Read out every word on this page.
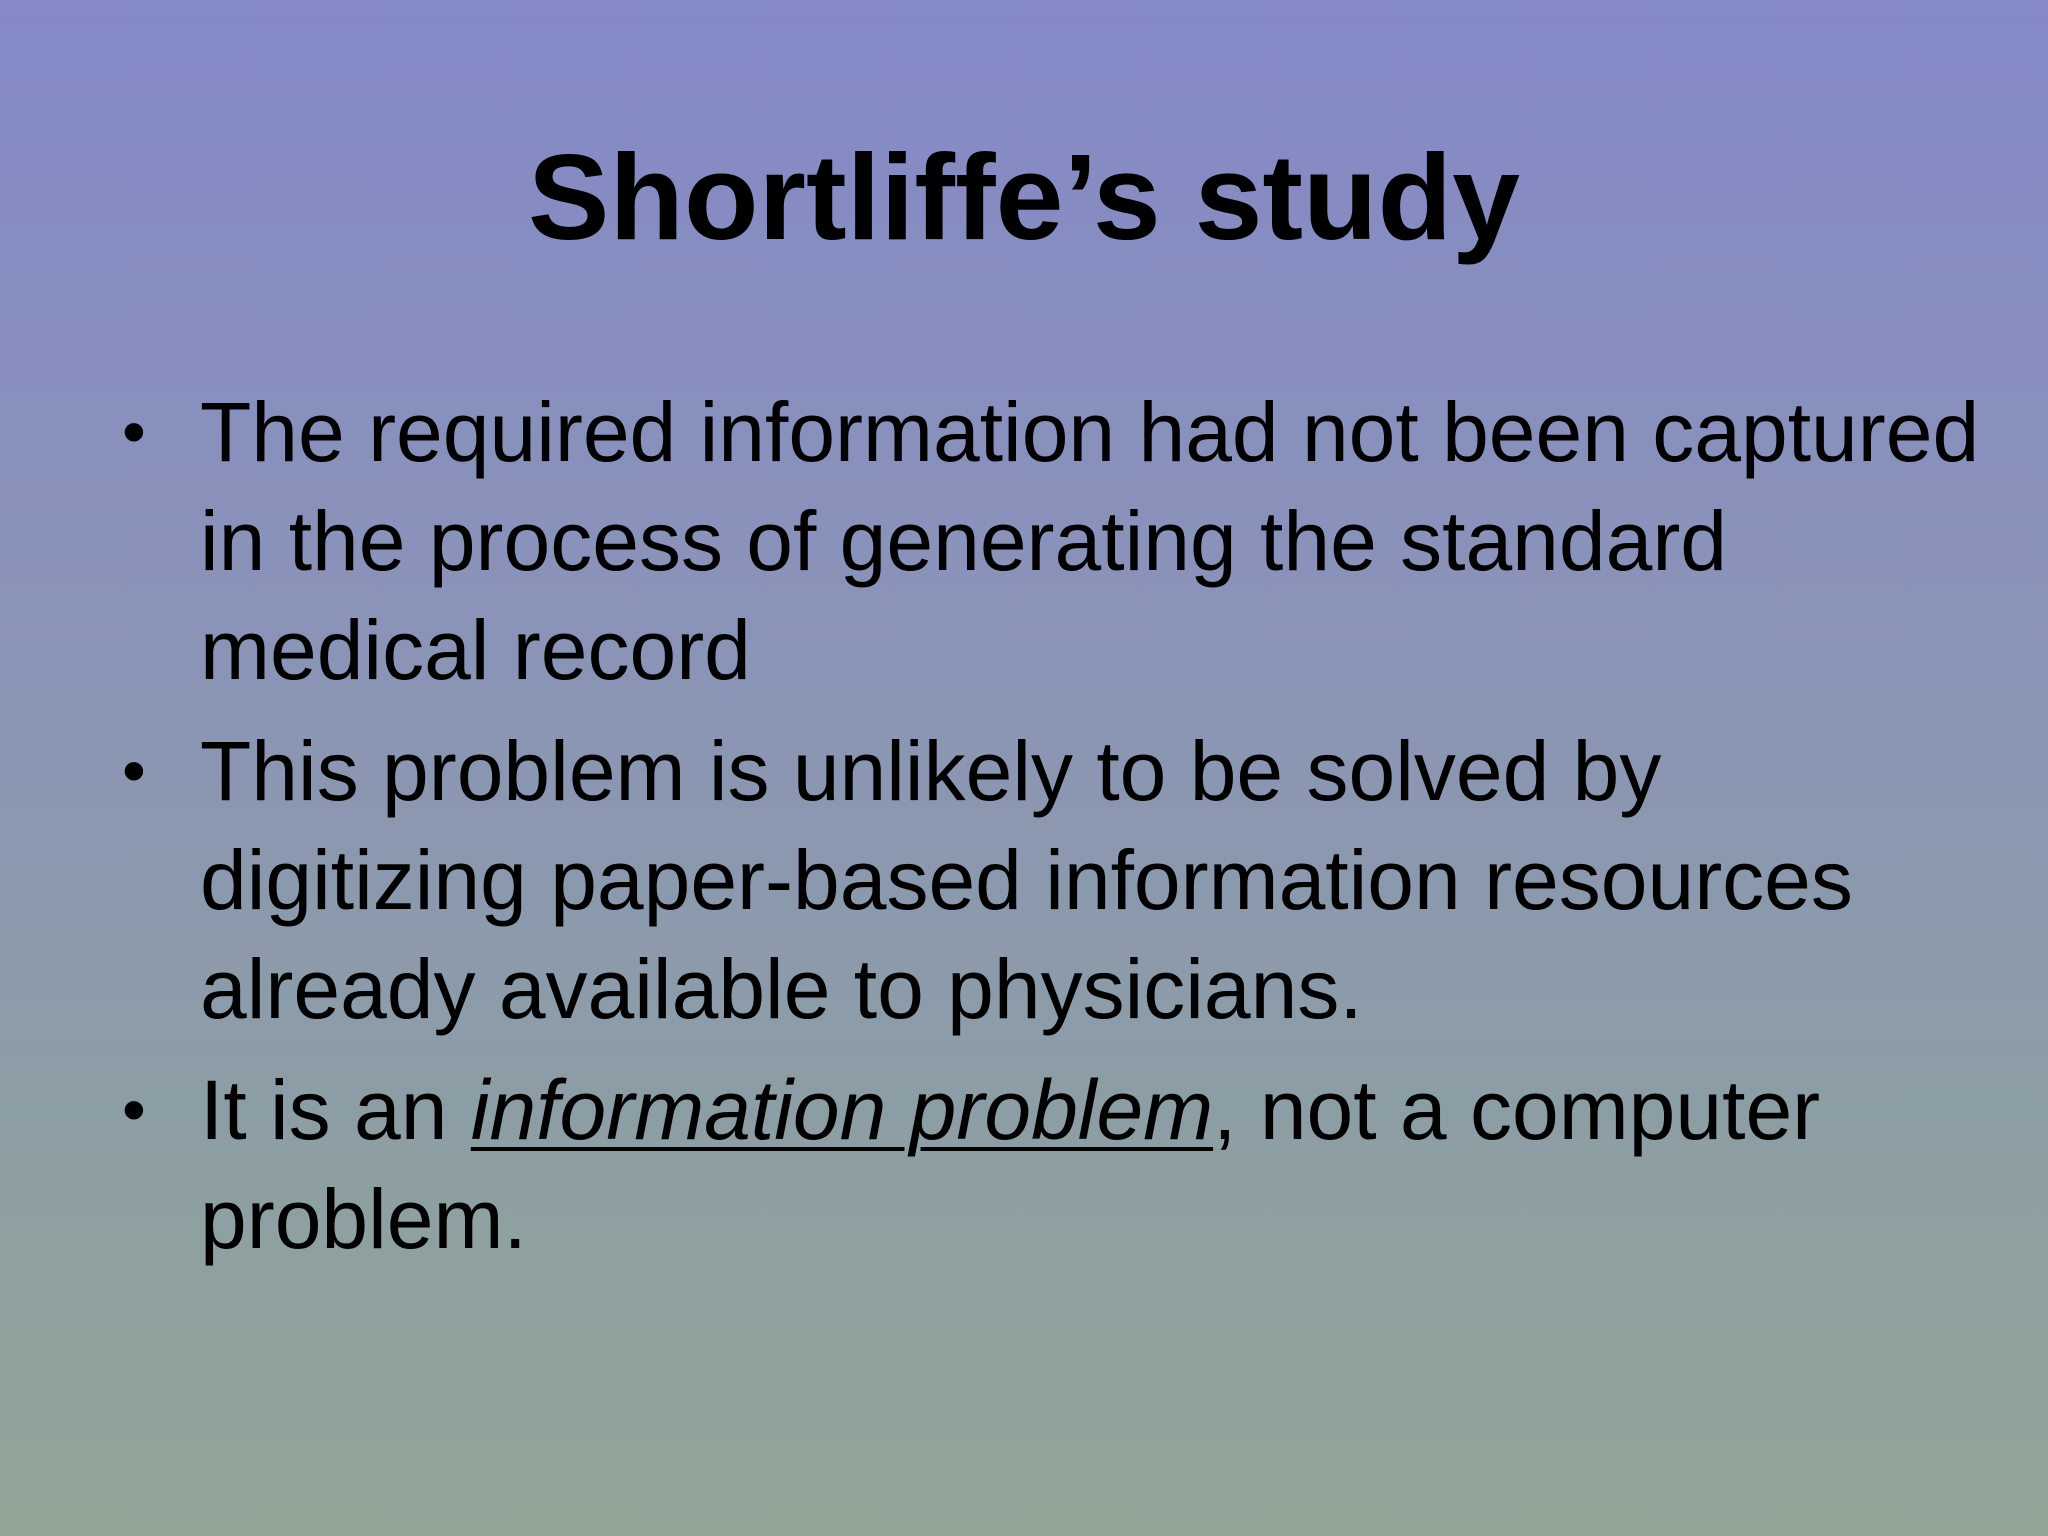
Shortliffe’s study
• The required information had not been captured in the process of generating the standard medical record
• This problem is unlikely to be solved by digitizing paper-based information resources already available to physicians.
• It is an information problem, not a computer problem.
